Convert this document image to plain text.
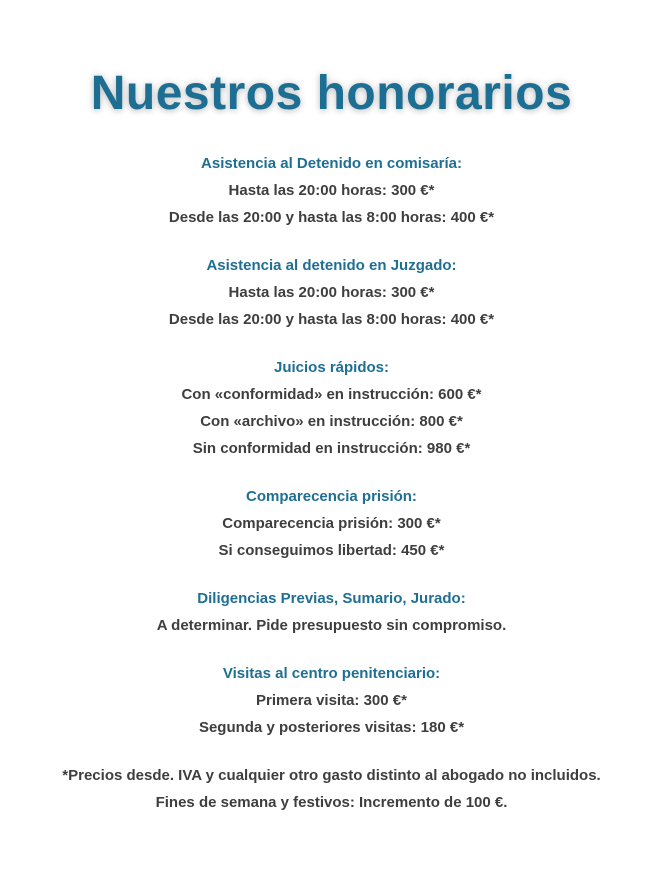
Nuestros honorarios

Asistencia al Detenido en comisaría:

Hasta las 20:00 horas: 300 €*

Desde las 20:00 y hasta las 8:00 horas: 400 €*

Asistencia al detenido en Juzgado:

Hasta las 20:00 horas: 300 €*

Desde las 20:00 y hasta las 8:00 horas: 400 €*

Juicios rápidos:

Con «conformidad» en instrucción: 600 €*

Con «archivo» en instrucción: 800 €*

Sin conformidad en instrucción: 980 €*

Comparecencia prisión:

Comparecencia prisión: 300 €*

Si conseguimos libertad: 450 €*

Diligencias Previas, Sumario, Jurado:

A determinar. Pide presupuesto sin compromiso.

Visitas al centro penitenciario:

Primera visita: 300 €*

Segunda y posteriores visitas: 180 €*

*Precios desde. IVA y cualquier otro gasto distinto al abogado no incluidos.

Fines de semana y festivos: Incremento de 100 €.
